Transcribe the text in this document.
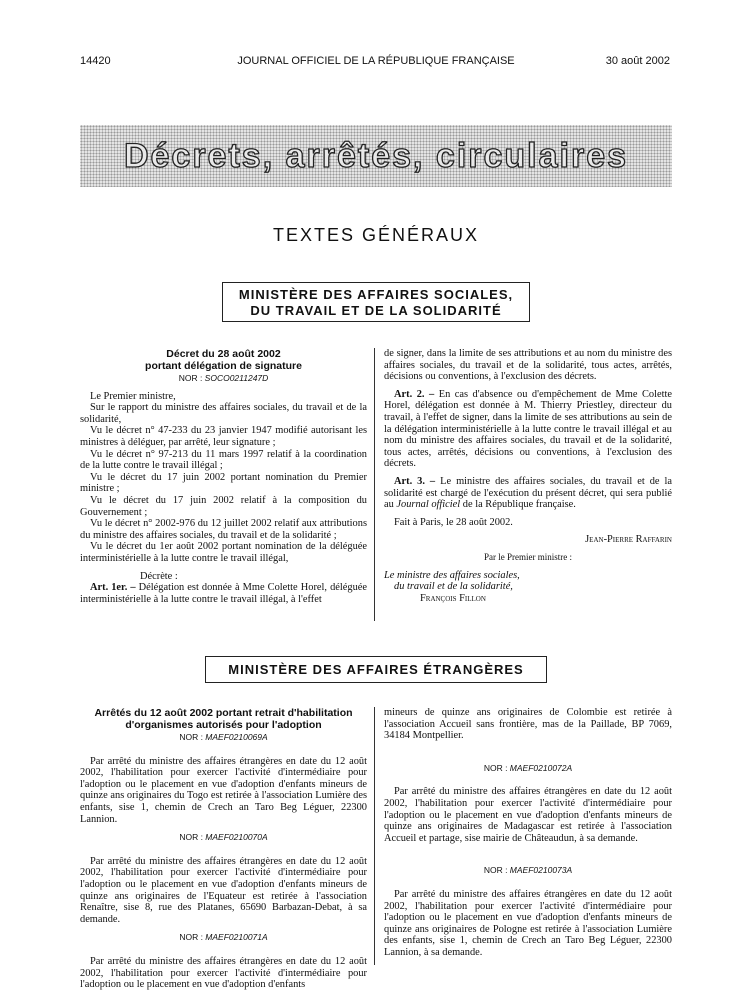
14420	JOURNAL OFFICIEL DE LA RÉPUBLIQUE FRANÇAISE	30 août 2002
Décrets, arrêtés, circulaires
TEXTES GÉNÉRAUX
MINISTÈRE DES AFFAIRES SOCIALES,
DU TRAVAIL ET DE LA SOLIDARITÉ
Décret du 28 août 2002
portant délégation de signature
NOR : SOCO0211247D

Le Premier ministre,

Sur le rapport du ministre des affaires sociales, du travail et de la solidarité,

Vu le décret n° 47-233 du 23 janvier 1947 modifié autorisant les ministres à déléguer, par arrêté, leur signature ;

Vu le décret n° 97-213 du 11 mars 1997 relatif à la coordination de la lutte contre le travail illégal ;

Vu le décret du 17 juin 2002 portant nomination du Premier ministre ;

Vu le décret du 17 juin 2002 relatif à la composition du Gouvernement ;

Vu le décret n° 2002-976 du 12 juillet 2002 relatif aux attributions du ministre des affaires sociales, du travail et de la solidarité ;

Vu le décret du 1er août 2002 portant nomination de la déléguée interministérielle à la lutte contre le travail illégal,

Décrète :

Art. 1er. – Délégation est donnée à Mme Colette Horel, déléguée interministérielle à la lutte contre le travail illégal, à l'effet

de signer, dans la limite de ses attributions et au nom du ministre des affaires sociales, du travail et de la solidarité, tous actes, arrêtés, décisions ou conventions, à l'exclusion des décrets.

Art. 2. – En cas d'absence ou d'empêchement de Mme Colette Horel, délégation est donnée à M. Thierry Priestley, directeur du travail, à l'effet de signer, dans la limite de ses attributions au sein de la délégation interministérielle à la lutte contre le travail illégal et au nom du ministre des affaires sociales, du travail et de la solidarité, tous actes, arrêtés, décisions ou conventions, à l'exclusion des décrets.

Art. 3. – Le ministre des affaires sociales, du travail et de la solidarité est chargé de l'exécution du présent décret, qui sera publié au Journal officiel de la République française.

Fait à Paris, le 28 août 2002.

Jean-Pierre Raffarin
Par le Premier ministre :
Le ministre des affaires sociales,
du travail et de la solidarité,
François Fillon
MINISTÈRE DES AFFAIRES ÉTRANGÈRES
Arrêtés du 12 août 2002 portant retrait d'habilitation
d'organismes autorisés pour l'adoption
NOR : MAEF0210069A

Par arrêté du ministre des affaires étrangères en date du 12 août 2002, l'habilitation pour exercer l'activité d'intermédiaire pour l'adoption ou le placement en vue d'adoption d'enfants mineurs de quinze ans originaires du Togo est retirée à l'association Lumière des enfants, sise 1, chemin de Crech an Taro Beg Léguer, 22300 Lannion.

NOR : MAEF0210070A

Par arrêté du ministre des affaires étrangères en date du 12 août 2002, l'habilitation pour exercer l'activité d'intermédiaire pour l'adoption ou le placement en vue d'adoption d'enfants mineurs de quinze ans originaires de l'Equateur est retirée à l'association Renaître, sise 8, rue des Platanes, 65690 Barbazan-Debat, à sa demande.

NOR : MAEF0210071A

Par arrêté du ministre des affaires étrangères en date du 12 août 2002, l'habilitation pour exercer l'activité d'intermédiaire pour l'adoption ou le placement en vue d'adoption d'enfants

mineurs de quinze ans originaires de Colombie est retirée à l'association Accueil sans frontière, mas de la Paillade, BP 7069, 34184 Montpellier.

NOR : MAEF0210072A

Par arrêté du ministre des affaires étrangères en date du 12 août 2002, l'habilitation pour exercer l'activité d'intermédiaire pour l'adoption ou le placement en vue d'adoption d'enfants mineurs de quinze ans originaires de Madagascar est retirée à l'association Accueil et partage, sise mairie de Châteaudun, à sa demande.

NOR : MAEF0210073A

Par arrêté du ministre des affaires étrangères en date du 12 août 2002, l'habilitation pour exercer l'activité d'intermédiaire pour l'adoption ou le placement en vue d'adoption d'enfants mineurs de quinze ans originaires de Pologne est retirée à l'association Lumière des enfants, sise 1, chemin de Crech an Taro Beg Léguer, 22300 Lannion, à sa demande.
